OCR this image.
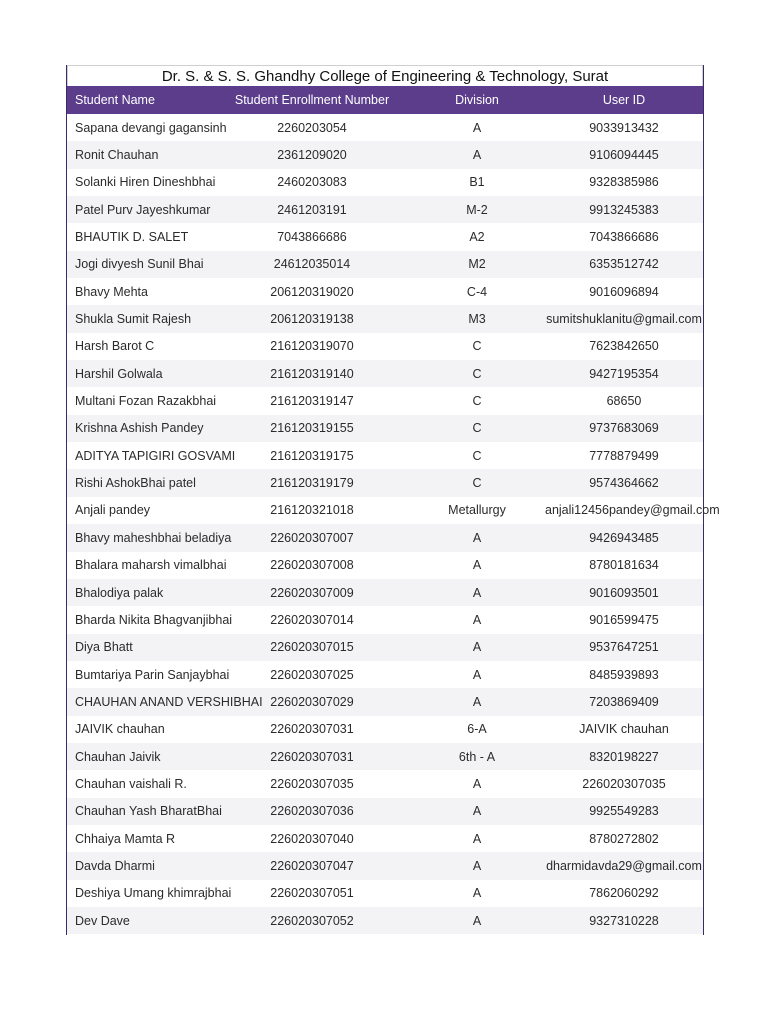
Dr. S. & S. S. Ghandhy College of Engineering & Technology, Surat
Student Name	Student Enrollment Number	Division	User ID
Sapana devangi gagansinh	2260203054	A	9033913432
Ronit Chauhan	2361209020	A	9106094445
Solanki Hiren Dineshbhai	2460203083	B1	9328385986
Patel Purv Jayeshkumar	2461203191	M-2	9913245383
BHAUTIK D. SALET	7043866686	A2	7043866686
Jogi divyesh Sunil Bhai	24612035014	M2	6353512742
Bhavy Mehta	206120319020	C-4	9016096894
Shukla Sumit Rajesh	206120319138	M3	sumitshuklanitu@gmail.com
Harsh Barot C	216120319070	C	7623842650
Harshil Golwala	216120319140	C	9427195354
Multani Fozan Razakbhai	216120319147	C	68650
Krishna Ashish Pandey	216120319155	C	9737683069
ADITYA TAPIGIRI GOSVAMI	216120319175	C	7778879499
Rishi AshokBhai patel	216120319179	C	9574364662
Anjali pandey	216120321018	Metallurgy	anjali12456pandey@gmail.com
Bhavy maheshbhai beladiya	226020307007	A	9426943485
Bhalara maharsh vimalbhai	226020307008	A	8780181634
Bhalodiya palak	226020307009	A	9016093501
Bharda Nikita Bhagvanjibhai	226020307014	A	9016599475
Diya Bhatt	226020307015	A	9537647251
Bumtariya Parin Sanjaybhai	226020307025	A	8485939893
CHAUHAN ANAND VERSHIBHAI	226020307029	A	7203869409
JAIVIK chauhan	226020307031	6-A	JAIVIK chauhan
Chauhan Jaivik	226020307031	6th - A	8320198227
Chauhan vaishali R.	226020307035	A	226020307035
Chauhan Yash BharatBhai	226020307036	A	9925549283
Chhaiya Mamta R	226020307040	A	8780272802
Davda Dharmi	226020307047	A	dharmidavda29@gmail.com
Deshiya Umang khimrajbhai	226020307051	A	7862060292
Dev Dave	226020307052	A	9327310228
